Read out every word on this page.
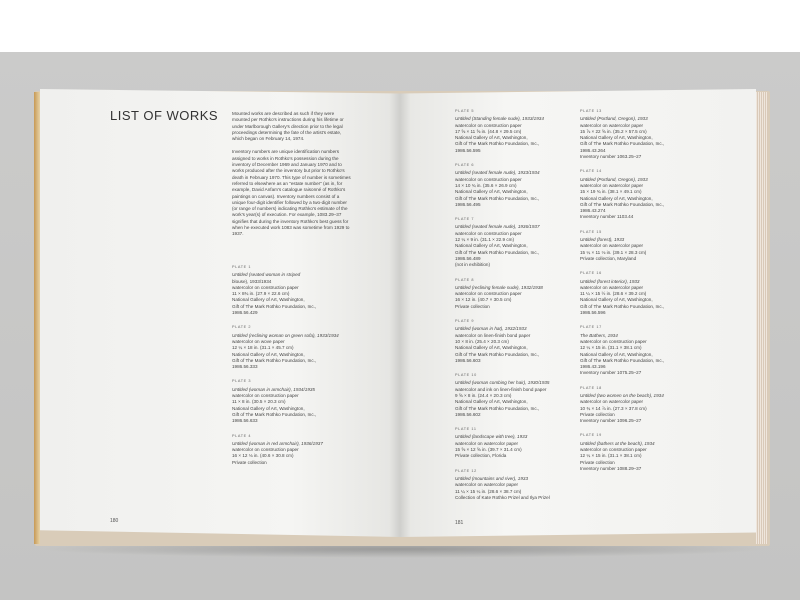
LIST OF WORKS	Mounted works are described as such if they were mounted per Rothko's instructions during his lifetime or under Marlborough Gallery's direction prior to the legal proceedings determining the fate of the artist's estate, which began on February 14, 1974.

Inventory numbers are unique identification numbers assigned to works in Rothko's possession during the inventory of December 1969 and January 1970 and to works produced after the inventory but prior to Rothko's death in February 1970. This type of number is sometimes referred to elsewhere as an "estate number" (as in, for example, David Anfam's catalogue raisonné of Rothko's paintings on canvas). Inventory numbers consist of a unique four-digit identifier followed by a two-digit number (or range of numbers) indicating Rothko's estimate of the work's year(s) of execution. For example, 1083.29–37 signifies that during the inventory Rothko's best guess for when he executed work 1083 was sometime from 1929 to 1937.

PLATE 1
Untitled (seated woman in striped
blouse), 1933/1934
watercolor on construction paper
11 × 8¾ in. (27.9 × 22.6 cm)
National Gallery of Art, Washington,
Gift of The Mark Rothko Foundation, Inc.,
1986.56.429
PLATE 2
Untitled (reclining woman on green sofa), 1933/1934
watercolor on wove paper
12 ¼ × 18 in. (31.1 × 45.7 cm)
National Gallery of Art, Washington,
Gift of The Mark Rothko Foundation, Inc.,
1986.56.333
PLATE 3
Untitled (woman in armchair), 1934/1935
watercolor on construction paper
11 × 8 in. (30.5 × 20.3 cm)
National Gallery of Art, Washington,
Gift of The Mark Rothko Foundation, Inc.,
1986.56.633
PLATE 4
Untitled (woman in red armchair), 1936/1937
watercolor on construction paper
16 × 12 ⅛ in. (40.6 × 30.8 cm)
Private collection
PLATE 5
Untitled (Standing female nude), 1933/1934
watercolor on construction paper
17 ⅝ × 11 ⅝ in. (44.8 × 29.5 cm)
National Gallery of Art, Washington,
Gift of The Mark Rothko Foundation, Inc.,
1986.56.595
PLATE 6
Untitled (seated female nude), 1933/1934
watercolor on construction paper
14 × 10 ¾ in. (35.6 × 26.9 cm)
National Gallery of Art, Washington,
Gift of The Mark Rothko Foundation, Inc.,
1986.56.495
PLATE 7
Untitled (seated female nude), 1936/1937
watercolor on construction paper
12 ¼ × 9 in. (31.1 × 22.9 cm)
National Gallery of Art, Washington,
Gift of The Mark Rothko Foundation, Inc.,
1986.56.489
(not in exhibition)
PLATE 8
Untitled (reclining female nude), 1932/1938
watercolor on construction paper
16 × 12 in. (40.7 × 30.5 cm)
Private collection
PLATE 9
Untitled (woman in hat), 1932/1933
watercolor on linen-finish bond paper
10 × 8 in. (25.4 × 20.3 cm)
National Gallery of Art, Washington,
Gift of The Mark Rothko Foundation, Inc.,
1986.56.603
PLATE 10
Untitled (woman combing her hair), 1930/1935
watercolor and ink on linen-finish bond paper
9 ⅝ × 8 in. (24.4 × 20.3 cm)
National Gallery of Art, Washington,
Gift of The Mark Rothko Foundation, Inc.,
1986.56.602
PLATE 11
Untitled (landscape with tree), 1933
watercolor on watercolor paper
15 ⅝ × 12 ⅝ in. (39.7 × 31.4 cm)
Private collection, Florida
PLATE 12
Untitled (mountains and river), 1933
watercolor on watercolor paper
11 ¼ × 15 ¼ in. (28.6 × 38.7 cm)
Collection of Kate Rothko Prizel and Ilya Prizel
PLATE 13
Untitled (Portland, Oregon), 1933
watercolor on watercolor paper
15 ⅞ × 22 ⅝ in. (35.2 × 57.5 cm)
National Gallery of Art, Washington,
Gift of The Mark Rothko Foundation, Inc.,
1986.43.264
Inventory number 1063.25–27
PLATE 14
Untitled (Portland, Oregon), 1933
watercolor on watercolor paper
15 × 19 ¾ in. (38.1 × 49.1 cm)
National Gallery of Art, Washington,
Gift of The Mark Rothko Foundation, Inc.,
1986.43.274
Inventory number 1103.44
PLATE 15
Untitled (forest), 1933
watercolor on watercolor paper
15 ¼ × 11 ⅛ in. (39.1 × 28.3 cm)
Private collection, Maryland
PLATE 16
Untitled (forest interior), 1933
watercolor on watercolor paper
11 ¼ × 15 ½ in. (28.6 × 39.2 cm)
National Gallery of Art, Washington,
Gift of The Mark Rothko Foundation, Inc.,
1986.56.596
PLATE 17
The Bathers, 1934
watercolor on construction paper
12 ¼ × 15 in. (31.1 × 38.1 cm)
National Gallery of Art, Washington,
Gift of The Mark Rothko Foundation, Inc.,
1986.43.196
Inventory number 1075.25–27
PLATE 18
Untitled (two women on the beach), 1934
watercolor on watercolor paper
10 ¾ × 14 ⅞ in. (27.3 × 37.8 cm)
Private collection
Inventory number 1096.25–27
PLATE 19
Untitled (bathers at the beach), 1934
watercolor on construction paper
12 ¼ × 15 in. (31.1 × 38.1 cm)
Private collection
Inventory number 1088.29–37
180	181
